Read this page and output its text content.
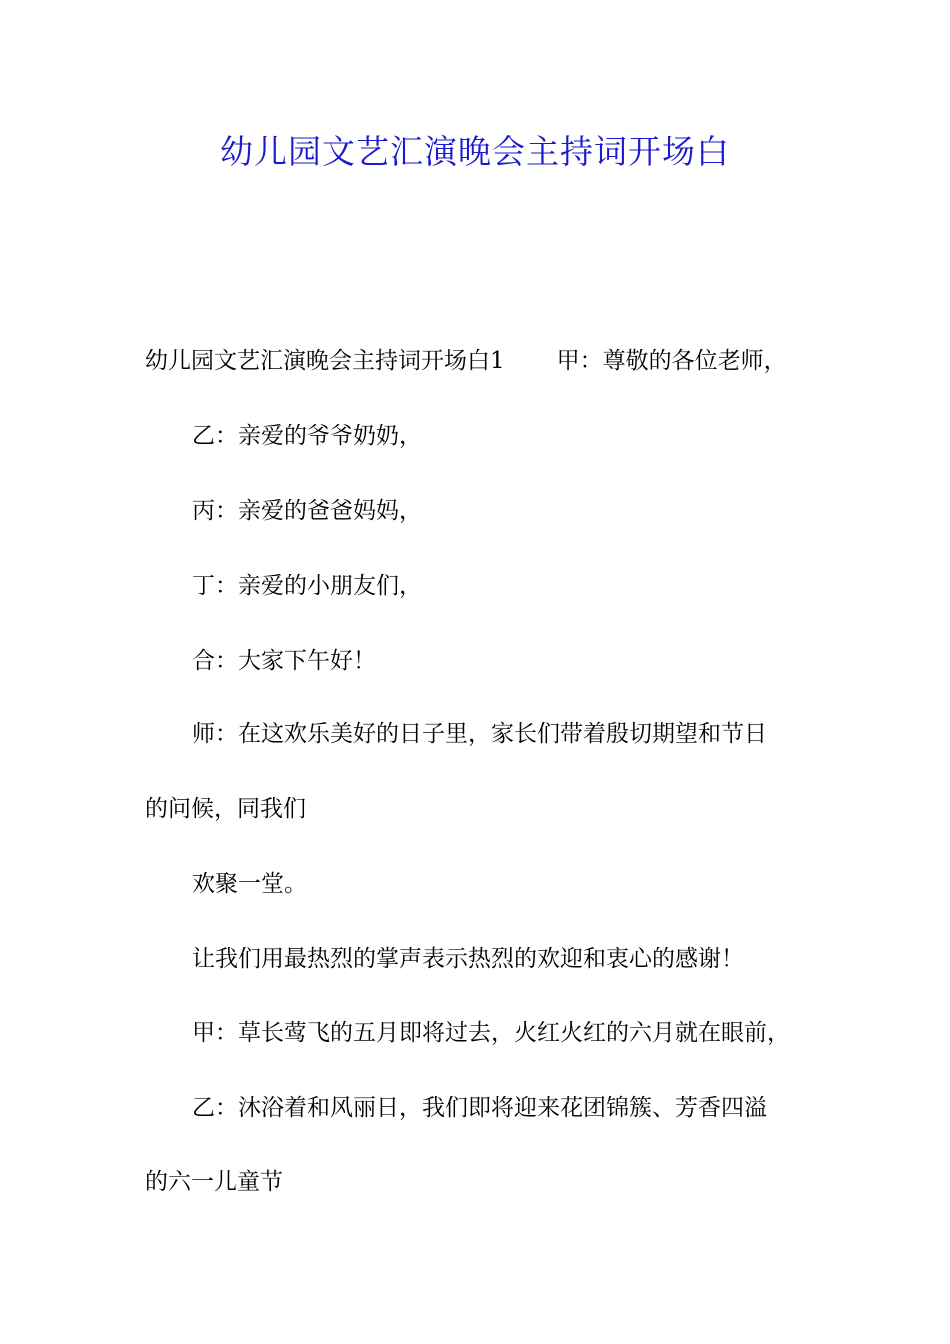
幼儿园文艺汇演晚会主持词开场白
幼儿园文艺汇演晚会主持词开场白1 甲：尊敬的各位老师，
乙：亲爱的爷爷奶奶，
丙：亲爱的爸爸妈妈，
丁：亲爱的小朋友们，
合：大家下午好！
师：在这欢乐美好的日子里，家长们带着殷切期望和节日
的问候，同我们
欢聚一堂。
让我们用最热烈的掌声表示热烈的欢迎和衷心的感谢！
甲：草长莺飞的五月即将过去，火红火红的六月就在眼前，
乙：沐浴着和风丽日，我们即将迎来花团锦簇、芳香四溢
的六一儿童节
